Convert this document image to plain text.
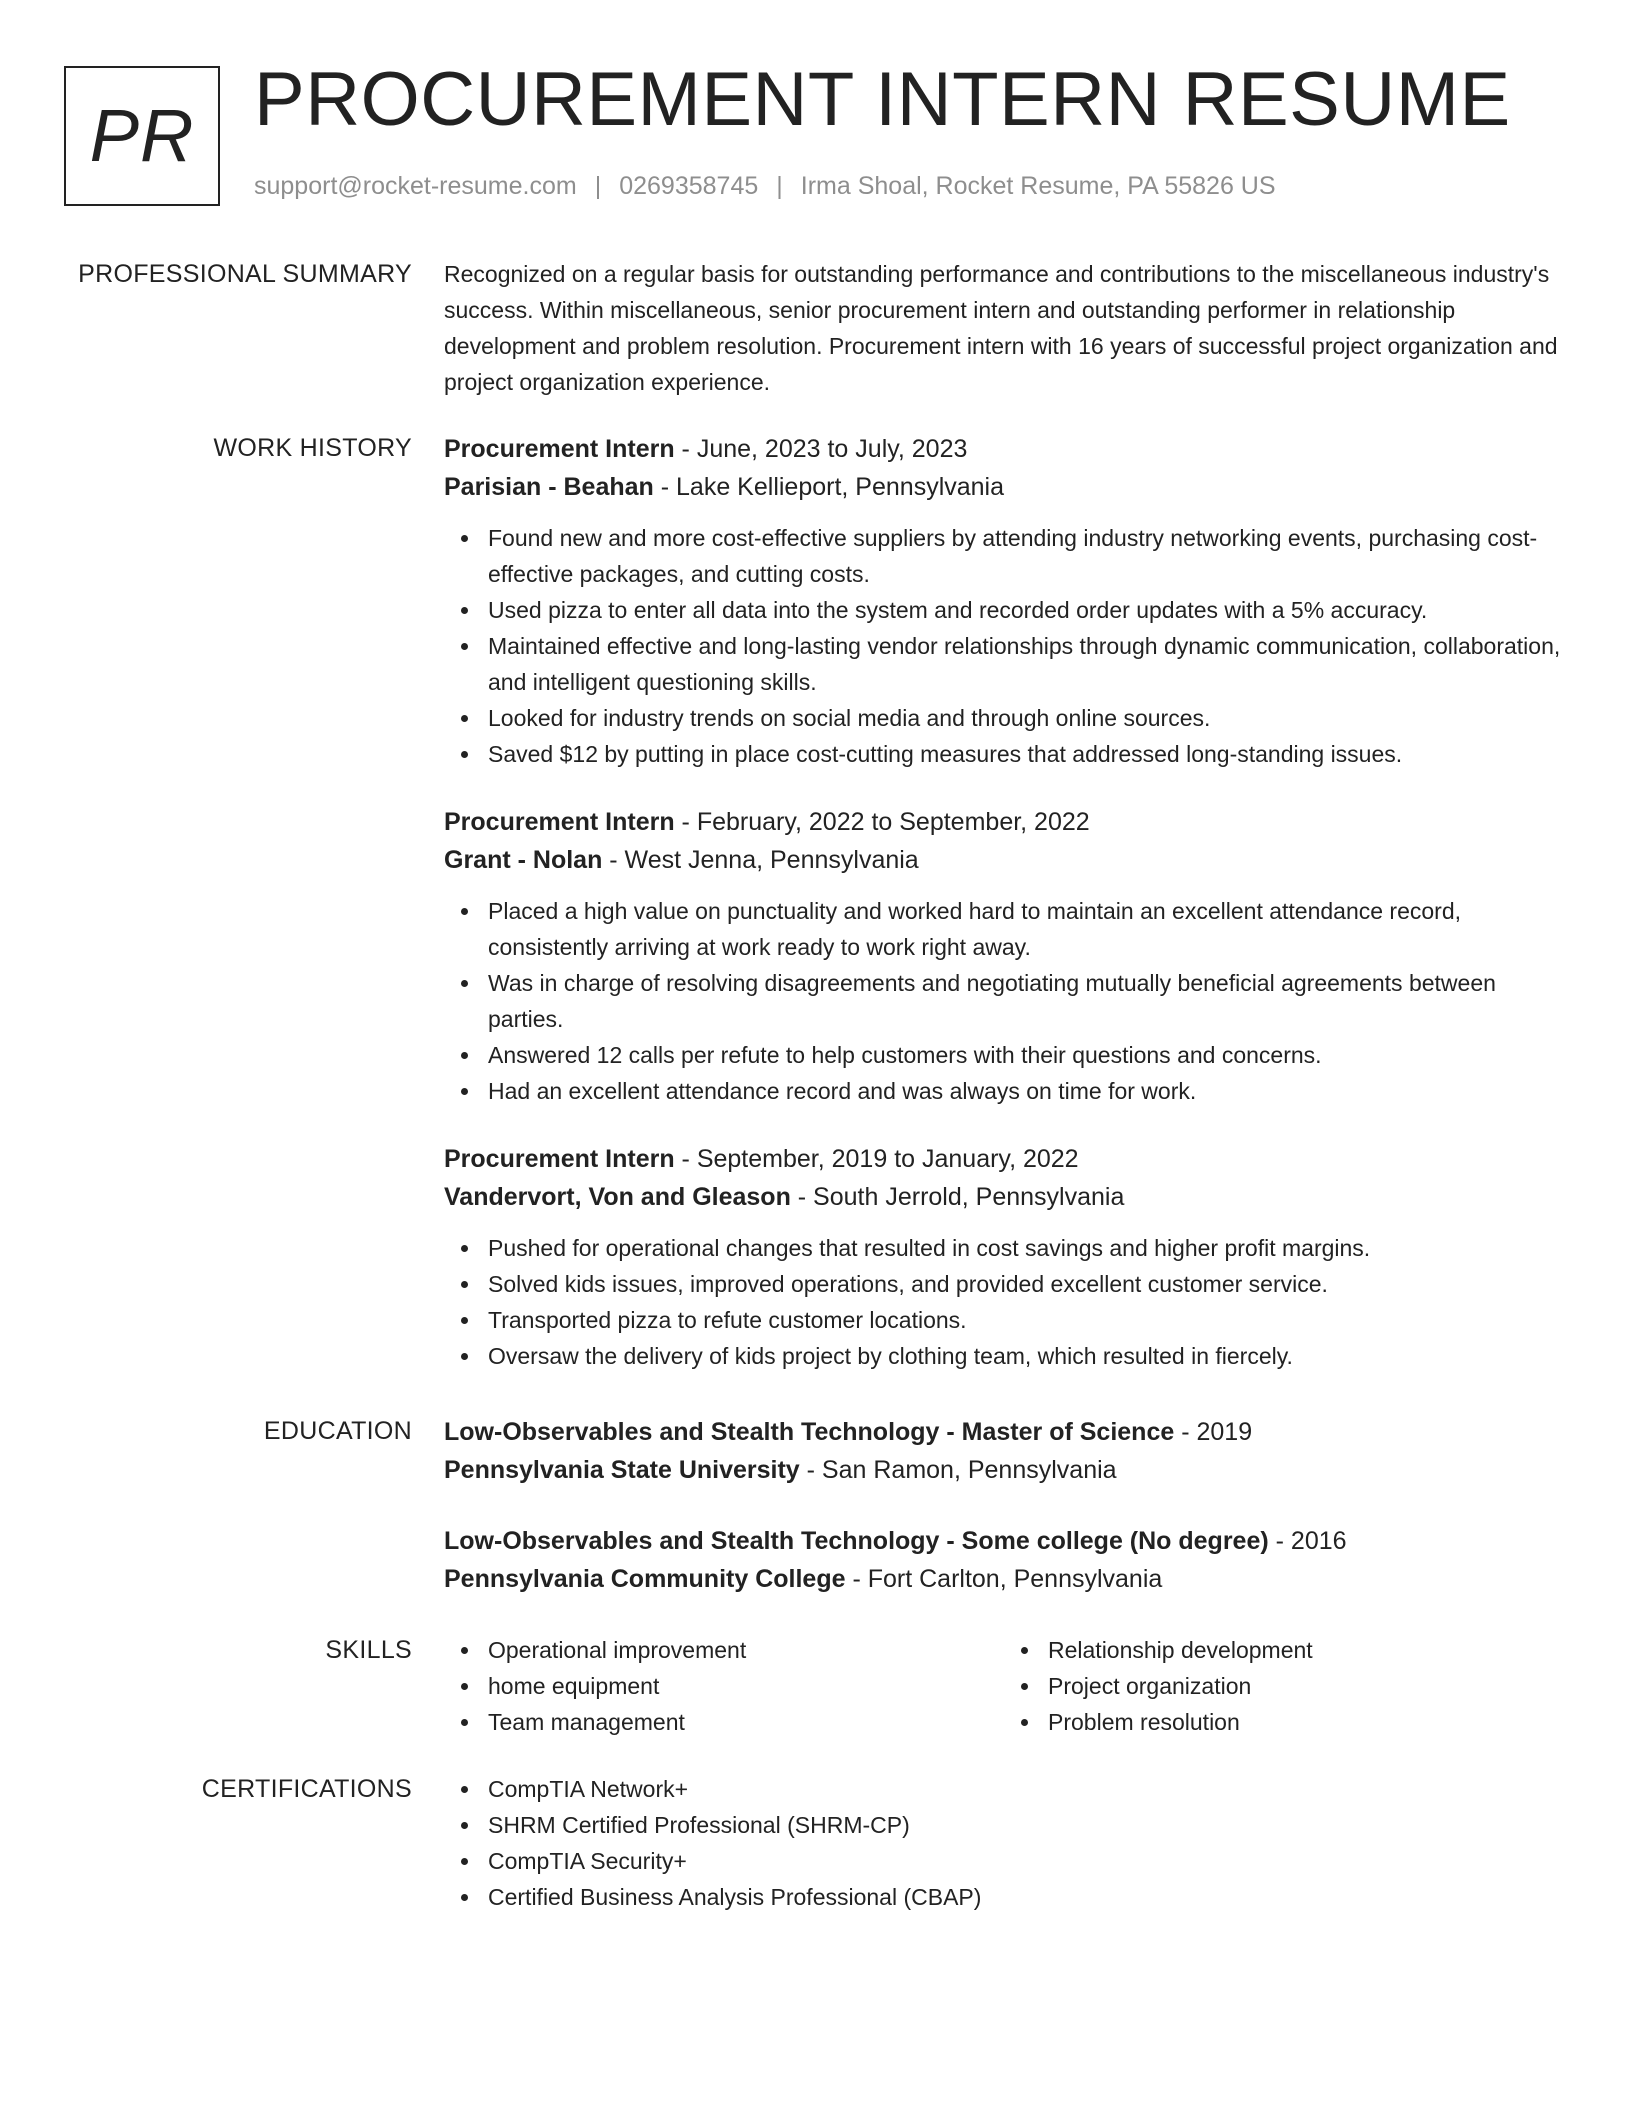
PR PROCUREMENT INTERN RESUME
support@rocket-resume.com | 0269358745 | Irma Shoal, Rocket Resume, PA 55826 US
PROFESSIONAL SUMMARY Recognized on a regular basis for outstanding performance and contributions to the miscellaneous industry's success. Within miscellaneous, senior procurement intern and outstanding performer in relationship development and problem resolution. Procurement intern with 16 years of successful project organization and project organization experience.

WORK HISTORY Procurement Intern - June, 2023 to July, 2023
Parisian - Beahan - Lake Kellieport, Pennsylvania
Found new and more cost-effective suppliers by attending industry networking events, purchasing cost-effective packages, and cutting costs.
Used pizza to enter all data into the system and recorded order updates with a 5% accuracy.
Maintained effective and long-lasting vendor relationships through dynamic communication, collaboration, and intelligent questioning skills.
Looked for industry trends on social media and through online sources.
Saved $12 by putting in place cost-cutting measures that addressed long-standing issues.
Procurement Intern - February, 2022 to September, 2022
Grant - Nolan - West Jenna, Pennsylvania
Placed a high value on punctuality and worked hard to maintain an excellent attendance record, consistently arriving at work ready to work right away.
Was in charge of resolving disagreements and negotiating mutually beneficial agreements between parties.
Answered 12 calls per refute to help customers with their questions and concerns.
Had an excellent attendance record and was always on time for work.
Procurement Intern - September, 2019 to January, 2022
Vandervort, Von and Gleason - South Jerrold, Pennsylvania
Pushed for operational changes that resulted in cost savings and higher profit margins.
Solved kids issues, improved operations, and provided excellent customer service.
Transported pizza to refute customer locations.
Oversaw the delivery of kids project by clothing team, which resulted in fiercely.
EDUCATION Low-Observables and Stealth Technology - Master of Science - 2019
Pennsylvania State University - San Ramon, Pennsylvania
Low-Observables and Stealth Technology - Some college (No degree) - 2016
Pennsylvania Community College - Fort Carlton, Pennsylvania
SKILLS	Operational improvement
home equipment
Team management
Relationship development
Project organization
Problem resolution
CERTIFICATIONS	CompTIA Network+
SHRM Certified Professional (SHRM-CP)
CompTIA Security+
Certified Business Analysis Professional (CBAP)
